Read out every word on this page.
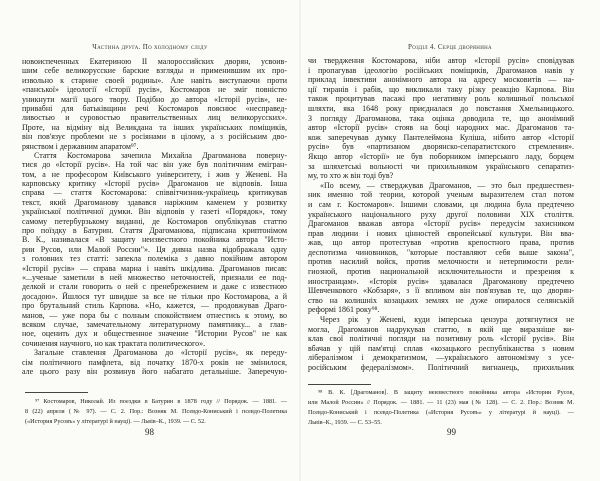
Частина друга. По холодному сліду
новоиспеченных Екатериною II малороссийских дворян, усвоив-
шим себе великорусские барские взгляды и применившим их про-
извольно к старине своей родины». Але навіть виступаючи проти
«панської» ідеології «Історії русів», Костомаров не зміг повністю
уникнути магії цього твору. Подібно до автора «Історії русів», не-
привабні для батьківщини речі Костомаров пояснює «несправед-
ливостью и суровостью правительственных лиц великорусских».
Проте, на відміну від Великдана та інших українських поміщиків,
він пов'язує проблеми не з росіянами в цілому, а з російським дво-
рянством і державним апаратом⁹⁷.
Стаття Костомарова зачепила Михайла Драгоманова поверну-
тися до «Історії русів». На той час він уже був політичним емігран-
том, а не професором Київського університету, і жив у Женеві. На
карповську критику «Історії русів» Драгоманов не відповів. Інша
справа — стаття Костомарова: співвітчизник-українець критикував
текст, який Драгоманову здавався наріжним каменем у розвитку
української політичної думки. Він відповів у газеті «Порядок», тому
самому петербурзькому виданні, де Костомаров опублікував статтю
про поїздку в Батурин. Стаття Драгоманова, підписана криптонімом
В. К., називалася «В защиту неизвестного покойника автора "Исто-
рии Русов, или Малой России"». Ця дивна назва відображала одну
з головних тез статті: запекла полеміка з давно покійним автором
«Історії русів» — справа марна і навіть шкідлива. Драгоманов писав:
«...ученые заметили в ней множество неточностей, признали ее под-
делкой и стали говорить о ней с пренебрежением и даже с известною
досадою». Йшлося тут швидше за все не тільки про Костомарова, а й
про брутальний стиль Карпова. «Но, кажется, — продовжував Драго-
манов, — уже пора бы с полным спокойствием отнестись к этому, во
всяком случае, замечательному литературному памятнику... а глав-
ное, оценить дух и общественное значение "Истории Русов" не как
сочинения научного, но как трактата политического».
Загальне ставлення Драгоманова до «Історії русів», як переду-
сім політичного памфлета, від початку 1870-х років не змінилося,
але цього разу він розвинув його набагато детальніше. Заперечую-
⁹⁷ Костомаров, Николай. Из поездки в Батурин в 1878 году // Порядок. — 1881. —
8 (22) апреля (№ 97). — С. 2. Пор.: Возняк М. Псевдо-Кониський і псевдо-Полетика
(«История Русовъ» у літературі й науці). — Львів–К., 1939. — С. 52.
98
Розділ 4. Серце дворянина
чи твердження Костомарова, ніби автор «Історії русів» сповідував
і пропагував ідеологію російських поміщиків, Драгоманов навів у
приклад інвективи анонімного автора на адресу московитів — на-
ції тиранів і рабів, що викликали таку різку реакцію Карпова. Він
також процитував пасажі про негативну роль колишньої польської
шляхти, яка 1648 року приєдналася до повстання Хмельницького.
З погляду Драгоманова, така оцінка доводила те, що анонімний
автор «Історії русів» стояв на боці народних мас. Драгоманов та-
кож заперечував думку Пантелеймона Куліша, нібито автор «Історії
русів» був «партизаном дворянско-сепаратистского стремления».
Якщо автор «Історії» не був поборником імперського ладу, борцем
за шляхетські вольності чи прихильником українського сепаратиз-
му, то хто ж він тоді був?
«По всему, — стверджував Драгоманов, — это был предшествен-
ник именно той теории, которой ученым выразителем стал потом
и сам г. Костомаров». Іншими словами, ця людина була предтечею
українського національного руху другої половини XIX століття.
Драгоманов вважав автора «Історії русів» передусім захисником
прав людини і нових цінностей європейської культури. Він вва-
жав, що автор протестував «против крепостного права, против
деспотизма чиновников, "которые поставляют себя выше закона",
против насилий войск, против мелочности и нетерпимости рели-
гиозной, против национальной исключительности и презрения к
иностранцам». «Історія русів» здавалася Драгоманову предтечею
Шевченкового «Кобзаря», з її впливом він пов'язував те, що дворян-
ство на колишніх козацьких землях не дуже опиралося селянській
реформі 1861 року⁹⁸.
Через рік у Женеві, куди імперська цензура дотягнутися не
могла, Драгоманов надрукував статтю, в якій ще виразніше ви-
клав свої політичні погляди на позитивну роль «Історії русів». Він
вбачав у цій пам'ятці сплав «козацького республіканства з новим
лібералізмом і демократизмом, —українського автономізму з усе-
російським федералізмом». Політичний вигнанець, прихильник
⁹⁸ В. К. [Драгоманов]. В защиту неизвестного покойника автора «Истории Русов,
или Малой России» // Порядок. — 1881. — 11 (23) мая (№ 128). — С. 2. Пор.: Возняк М.
Псевдо-Кониський і псевдо-Полетика («История Русовъ» у літературі й науці). —
Львів–К., 1939. — С. 53–55.
99
